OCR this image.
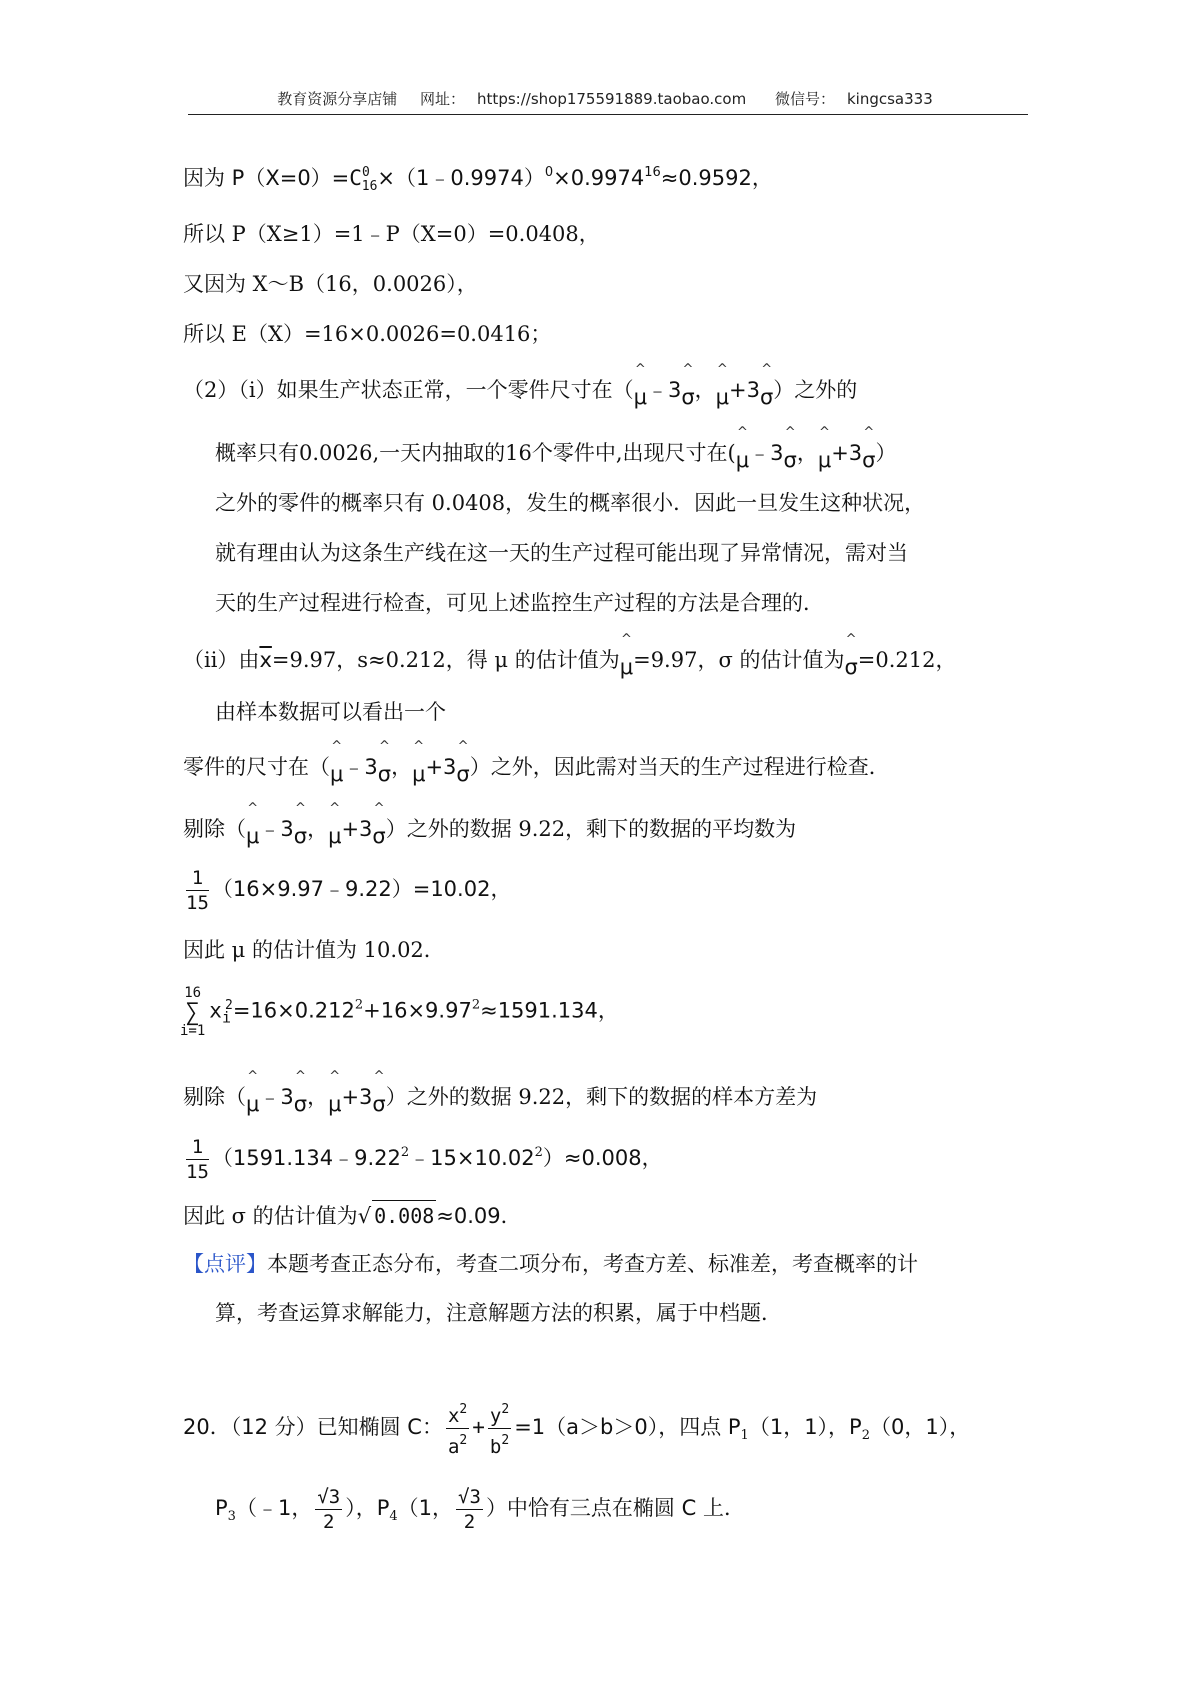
教育资源分享店铺 网址： https://shop175591889.taobao.com 微信号： kingcsa333
因为 $P(X=0)=C^0_{16}\times(1﹣0.9974)^0\times 0.9974^{16}\approx 0.9592$，
所以 P（X≥1）=1﹣P（X=0）=0.0408，
又因为 X～B（16，0.0026），
所以 E（X）=16×0.0026=0.0416；
（2）（ⅰ）如果生产状态正常，一个零件尺寸在（^ μ﹣3^ σ，^ μ+3^ σ）之外的
概率只有0.0026,一天内抽取的16个零件中,出现尺寸在(^ μ﹣3^ σ，^ μ+3^ σ）
之外的零件的概率只有 0.0408，发生的概率很小．因此一旦发生这种状况，
就有理由认为这条生产线在这一天的生产过程可能出现了异常情况，需对当
天的生产过程进行检查，可见上述监控生产过程的方法是合理的．
（ⅱ）由$\overline{x}=9.97$，s≈0.212，得 μ 的估计值为^ μ=9.97，σ 的估计值为^ σ=0.212，
由样本数据可以看出一个
零件的尺寸在（^ μ﹣3^ σ，^ μ+3^ σ）之外，因此需对当天的生产过程进行检查．
剔除（^ μ﹣3^ σ，^ μ+3^ σ）之外的数据 9.22，剩下的数据的平均数为
$\frac{1}{15}$ （16×9.97﹣9.22）=10.02，
因此 μ 的估计值为 10.02．
16
∑
$i=1x_i^2=16\times 0.212^2+16\times 9.97^2\approx 1591.134$，
剔除（^ μ﹣3^ σ，^ μ+3^ σ）之外的数据 9.22，剩下的数据的样本方差为
$\frac{1}{15}$ $(1591.134﹣9.22^2﹣15\times 10.02^2)\approx 0.008$，
因此 σ 的估计值为√ 0.008≈0.09．
【点评】本题考查正态分布，考查二项分布，考查方差、标准差，考查概率的计
算，考查运算求解能力，注意解题方法的积累，属于中档题．
20．（12 分）已知椭圆 C： $\frac{x^2}{a^2} + \frac{y^2}{b^2} =1(a>b>0)$，四点 $P_1(1$，1），$P_2(0$，1），
$P_3(﹣1$， $\frac{√3}{2}$ ），$P_4(1$， $\frac{√3}{2}$ ）中恰有三点在椭圆 C 上．
